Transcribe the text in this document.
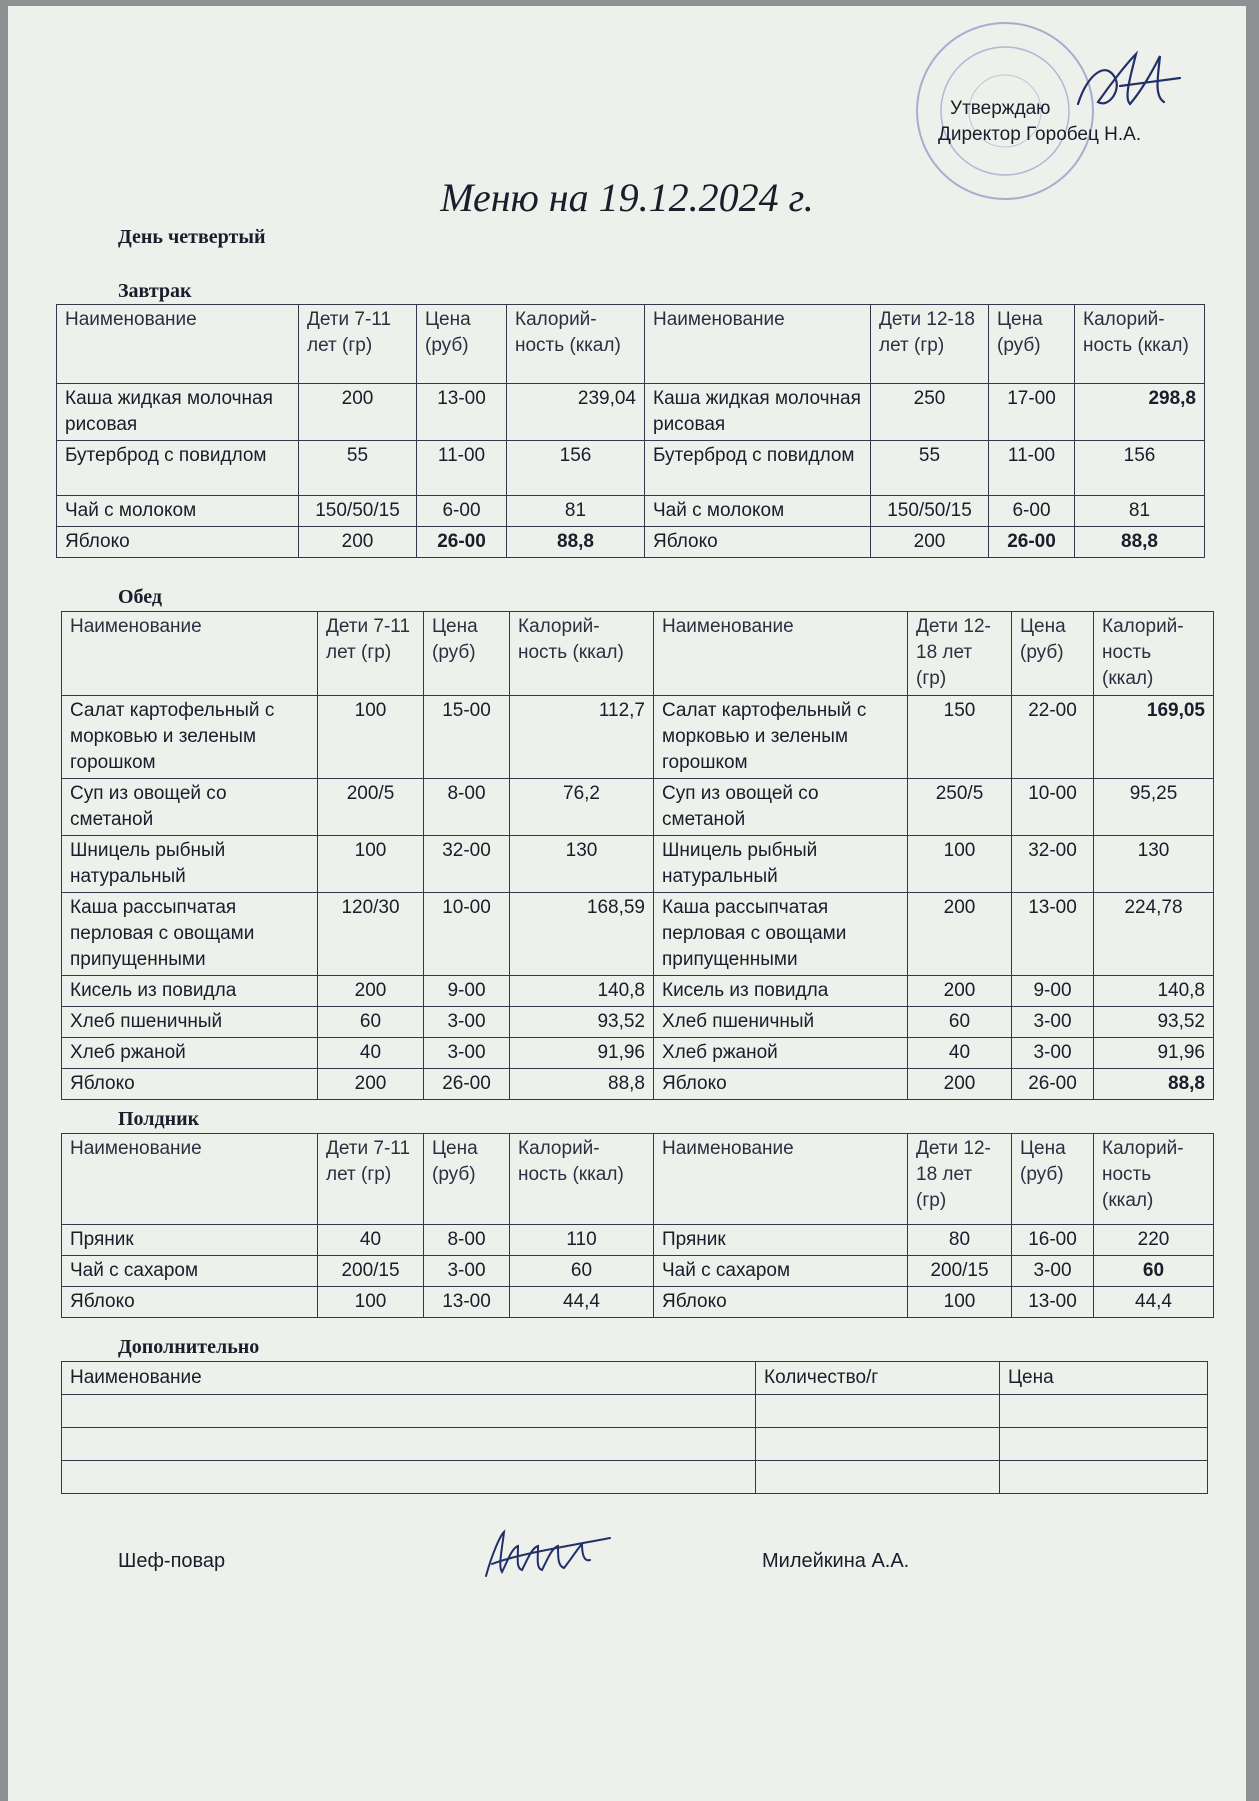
Утверждаю
Директор Горобец Н.А.
Меню на 19.12.2024 г.
День четвертый
Завтрак
Наименование	Дети 7-11 лет (гр)	Цена (руб)	Калорий-ность (ккал)	Наименование	Дети 12-18 лет (гр)	Цена (руб)	Калорий-ность (ккал)
Каша жидкая молочная рисовая	200	13-00	239,04	Каша жидкая молочная рисовая	250	17-00	298,8
Бутерброд с повидлом	55	11-00	156	Бутерброд с повидлом	55	11-00	156
Чай с молоком	150/50/15	6-00	81	Чай с молоком	150/50/15	6-00	81
Яблоко	200	26-00	88,8	Яблоко	200	26-00	88,8
Обед
Наименование	Дети 7-11 лет (гр)	Цена (руб)	Калорий-ность (ккал)	Наименование	Дети 12-18 лет (гр)	Цена (руб)	Калорий-ность (ккал)
Салат картофельный с морковью и зеленым горошком	100	15-00	112,7	Салат картофельный с морковью и зеленым горошком	150	22-00	169,05
Суп из овощей со сметаной	200/5	8-00	76,2	Суп из овощей со сметаной	250/5	10-00	95,25
Шницель рыбный натуральный	100	32-00	130	Шницель рыбный натуральный	100	32-00	130
Каша рассыпчатая перловая с овощами припущенными	120/30	10-00	168,59	Каша рассыпчатая перловая с овощами припущенными	200	13-00	224,78
Кисель из повидла	200	9-00	140,8	Кисель из повидла	200	9-00	140,8
Хлеб пшеничный	60	3-00	93,52	Хлеб пшеничный	60	3-00	93,52
Хлеб ржаной	40	3-00	91,96	Хлеб ржаной	40	3-00	91,96
Яблоко	200	26-00	88,8	Яблоко	200	26-00	88,8
Полдник
Наименование	Дети 7-11 лет (гр)	Цена (руб)	Калорий-ность (ккал)	Наименование	Дети 12-18 лет (гр)	Цена (руб)	Калорий-ность (ккал)
Пряник	40	8-00	110	Пряник	80	16-00	220
Чай с сахаром	200/15	3-00	60	Чай с сахаром	200/15	3-00	60
Яблоко	100	13-00	44,4	Яблоко	100	13-00	44,4
Дополнительно
Наименование	Количество/г	Цена

Шеф-повар	Милейкина А.А.
